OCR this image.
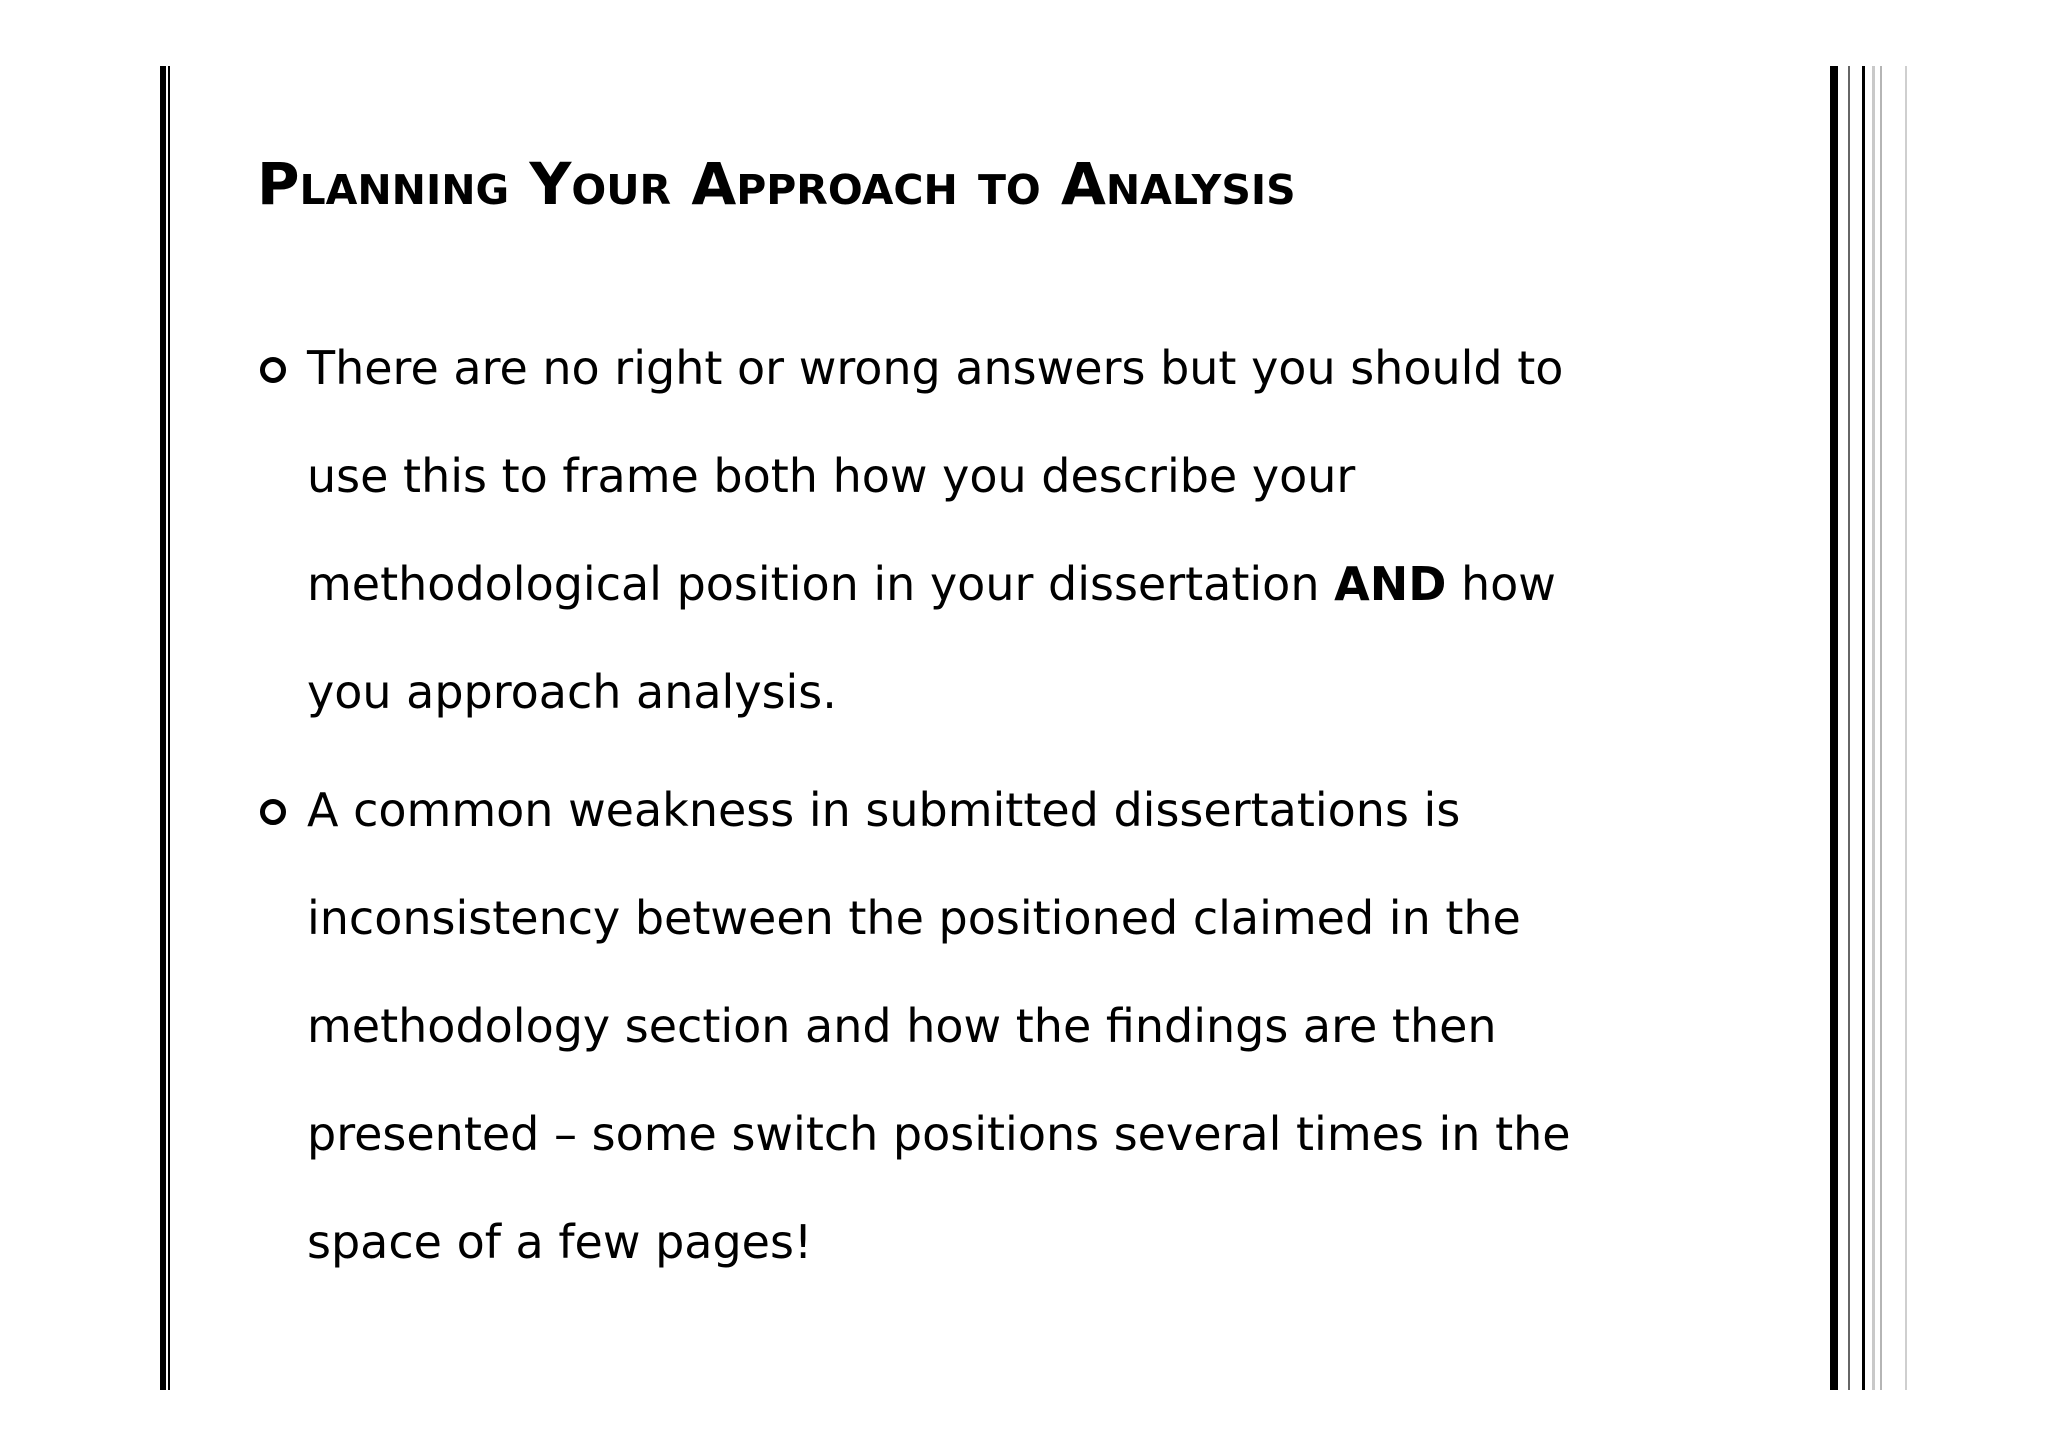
Planning Your Approach to Analysis
There are no right or wrong answers but you should to use this to frame both how you describe your methodological position in your dissertation AND how you approach analysis.
A common weakness in submitted dissertations is inconsistency between the positioned claimed in the methodology section and how the findings are then presented – some switch positions several times in the space of a few pages!
